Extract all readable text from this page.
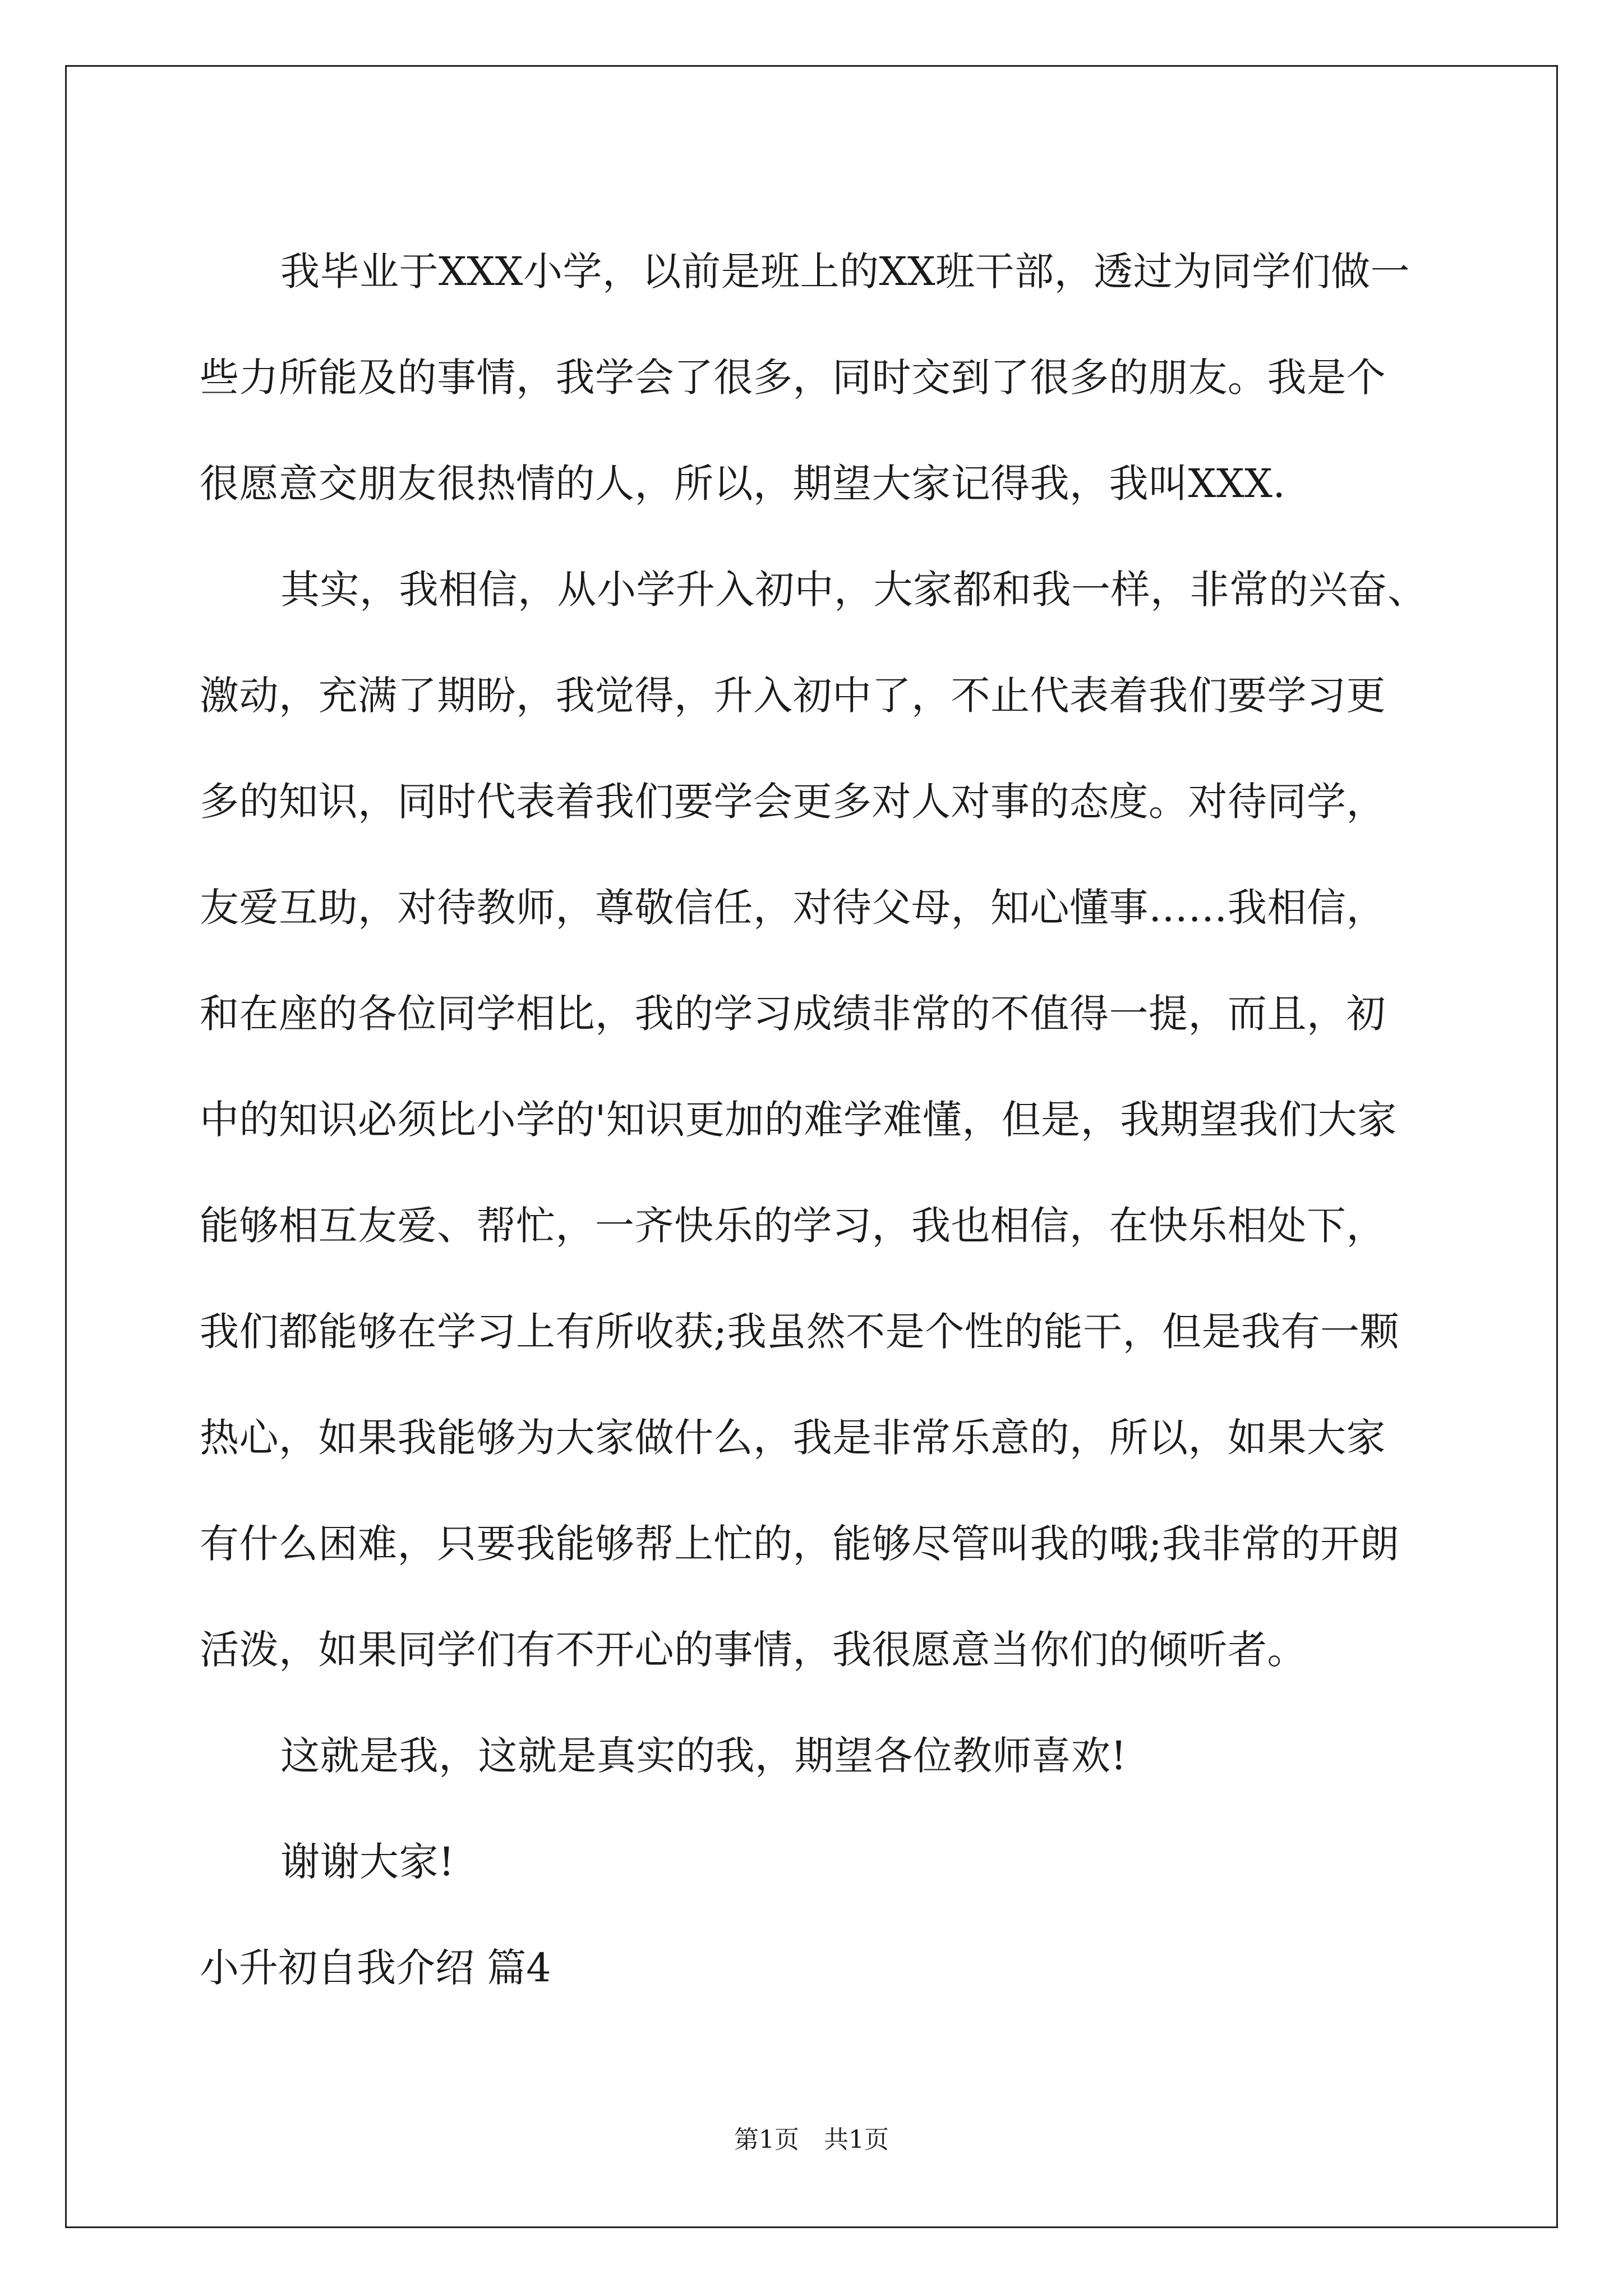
我毕业于XXX小学，以前是班上的XX班干部，透过为同学们做一

些力所能及的事情，我学会了很多，同时交到了很多的朋友。我是个

很愿意交朋友很热情的人，所以，期望大家记得我，我叫XXX.

其实，我相信，从小学升入初中，大家都和我一样，非常的兴奋、

激动，充满了期盼，我觉得，升入初中了，不止代表着我们要学习更

多的知识，同时代表着我们要学会更多对人对事的态度。对待同学，

友爱互助，对待教师，尊敬信任，对待父母，知心懂事……我相信，

和在座的各位同学相比，我的学习成绩非常的不值得一提，而且，初

中的知识必须比小学的'知识更加的难学难懂，但是，我期望我们大家

能够相互友爱、帮忙，一齐快乐的学习，我也相信，在快乐相处下，

我们都能够在学习上有所收获;我虽然不是个性的能干，但是我有一颗

热心，如果我能够为大家做什么，我是非常乐意的，所以，如果大家

有什么困难，只要我能够帮上忙的，能够尽管叫我的哦;我非常的开朗

活泼，如果同学们有不开心的事情，我很愿意当你们的倾听者。

这就是我，这就是真实的我，期望各位教师喜欢!

谢谢大家!

小升初自我介绍 篇4

第1页　共1页
